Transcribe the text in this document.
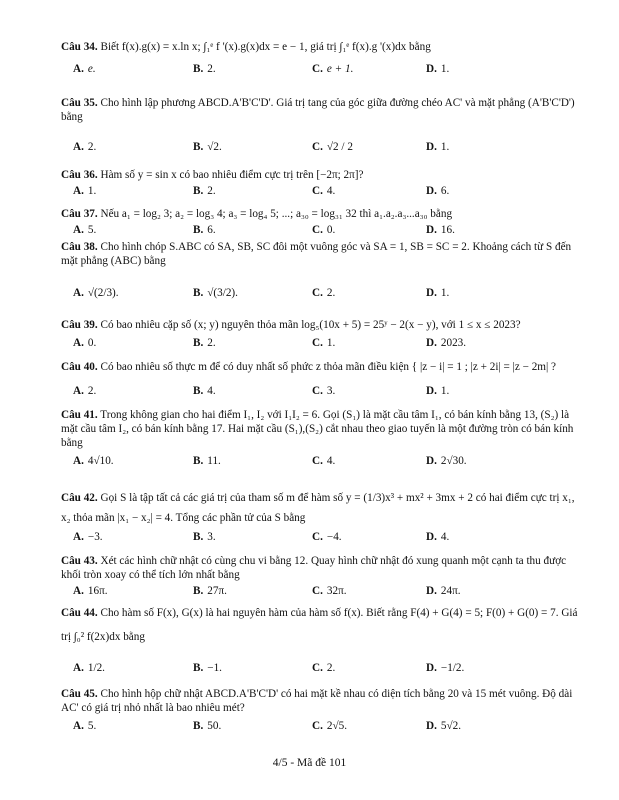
Câu 34. Biết f(x).g(x) = x.ln x; ∫₁ᵉ f '(x).g(x)dx = e − 1, giá trị ∫₁ᵉ f(x).g '(x)dx bằng

A. e.	B. 2.	C. e + 1.	D. 1.

Câu 35. Cho hình lập phương ABCD.A'B'C'D'. Giá trị tang của góc giữa đường chéo AC' và mặt phẳng (A'B'C'D') bằng

A. 2.	B. √2.	C. √2 / 2	D. 1.

Câu 36. Hàm số y = sin x có bao nhiêu điểm cực trị trên [−2π; 2π]?

A. 1.	B. 2.	C. 4.	D. 6.

Câu 37. Nếu a₁ = log₂ 3; a₂ = log₃ 4; a₃ = log₄ 5; ...; a₃₀ = log₃₁ 32 thì a₁.a₂.a₃...a₃₀ bằng

A. 5.	B. 6.	C. 0.	D. 16.

Câu 38. Cho hình chóp S.ABC có SA, SB, SC đôi một vuông góc và SA = 1, SB = SC = 2. Khoảng cách từ S đến mặt phẳng (ABC) bằng

A. √(2/3).	B. √(3/2).	C. 2.	D. 1.

Câu 39. Có bao nhiêu cặp số (x; y) nguyên thỏa mãn log₅(10x + 5) = 25ʸ − 2(x − y), với 1 ≤ x ≤ 2023?

A. 0.	B. 2.	C. 1.	D. 2023.

Câu 40. Có bao nhiêu số thực m để có duy nhất số phức z thỏa mãn điều kiện { |z − i| = 1 ; |z + 2i| = |z − 2m| ?

A. 2.	B. 4.	C. 3.	D. 1.

Câu 41. Trong không gian cho hai điểm I₁, I₂ với I₁I₂ = 6. Gọi (S₁) là mặt cầu tâm I₁, có bán kính bằng 13, (S₂) là mặt cầu tâm I₂, có bán kính bằng 17. Hai mặt cầu (S₁),(S₂) cắt nhau theo giao tuyến là một đường tròn có bán kính bằng

A. 4√10.	B. 11.	C. 4.	D. 2√30.

Câu 42. Gọi S là tập tất cả các giá trị của tham số m để hàm số y = (1/3)x³ + mx² + 3mx + 2 có hai điểm cực trị x₁, x₂ thỏa mãn |x₁ − x₂| = 4. Tổng các phần tử của S bằng

A. −3.	B. 3.	C. −4.	D. 4.

Câu 43. Xét các hình chữ nhật có cùng chu vi bằng 12. Quay hình chữ nhật đó xung quanh một cạnh ta thu được khối tròn xoay có thể tích lớn nhất bằng

A. 16π.	B. 27π.	C. 32π.	D. 24π.

Câu 44. Cho hàm số F(x), G(x) là hai nguyên hàm của hàm số f(x). Biết rằng F(4) + G(4) = 5; F(0) + G(0) = 7. Giá trị ∫₀² f(2x)dx bằng

A. 1/2.	B. −1.	C. 2.	D. −1/2.

Câu 45. Cho hình hộp chữ nhật ABCD.A'B'C'D' có hai mặt kề nhau có diện tích bằng 20 và 15 mét vuông. Độ dài AC' có giá trị nhỏ nhất là bao nhiêu mét?

A. 5.	B. 50.	C. 2√5.	D. 5√2.
4/5 - Mã đề 101
